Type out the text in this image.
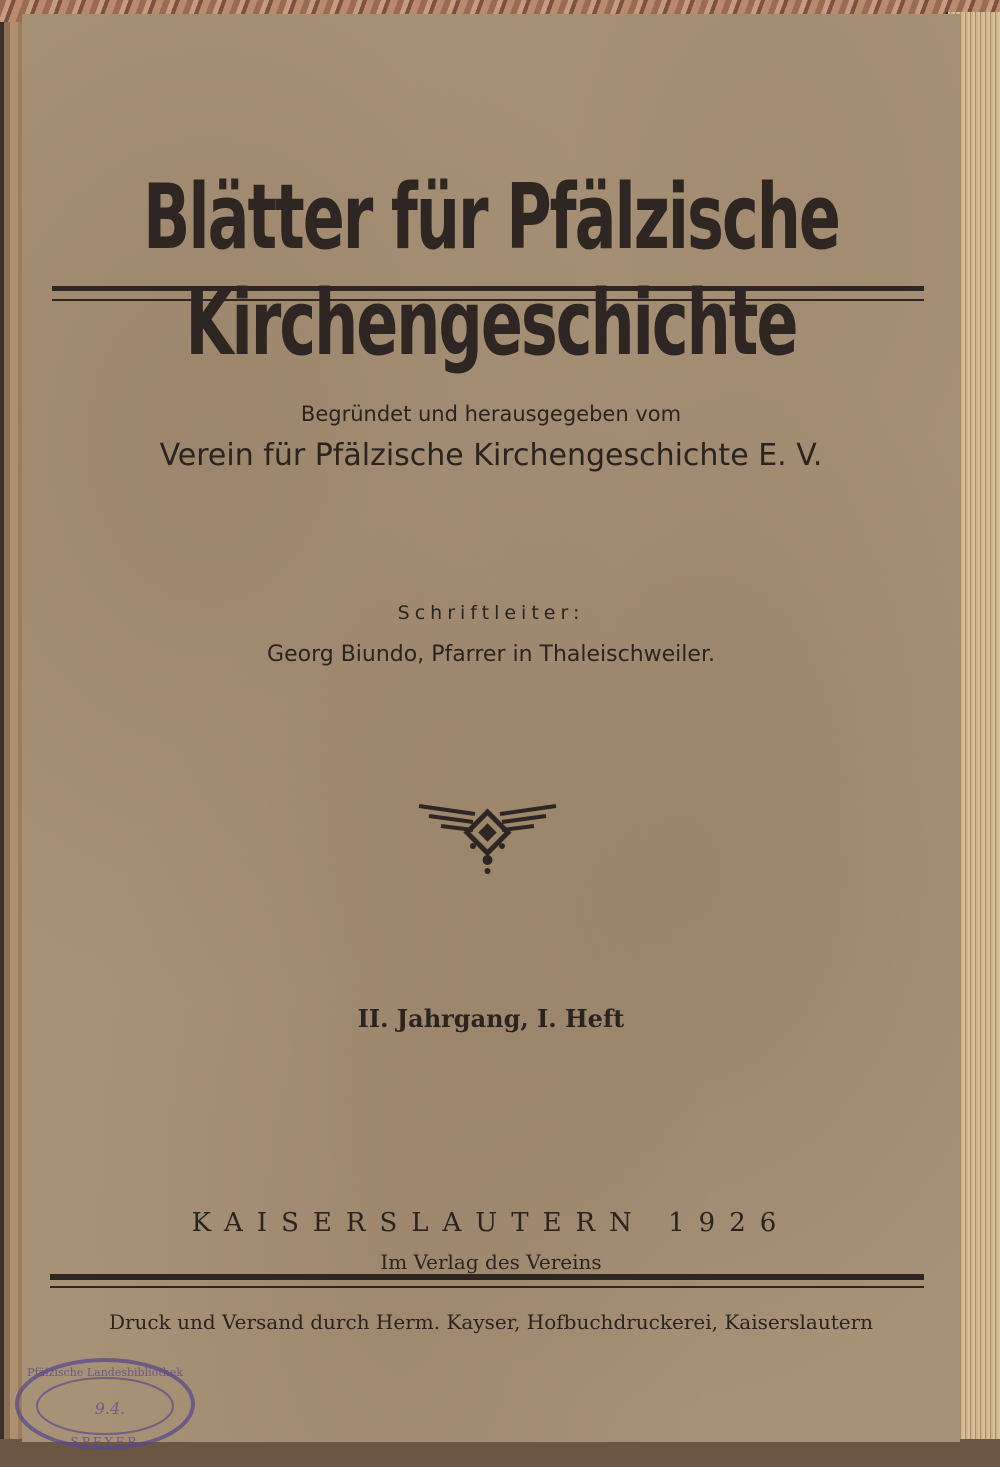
Blätter für Pfälzische Kirchengeschichte
Begründet und herausgegeben vom
Verein für Pfälzische Kirchengeschichte E. V.
Schriftleiter:
Georg Biundo, Pfarrer in Thaleischweiler.
II. Jahrgang, I. Heft
KAISERSLAUTERN 1926
Im Verlag des Vereins
Druck und Versand durch Herm. Kayser, Hofbuchdruckerei, Kaiserslautern
Pfälzische Landesbibliothek
9.4.
SPEYER
